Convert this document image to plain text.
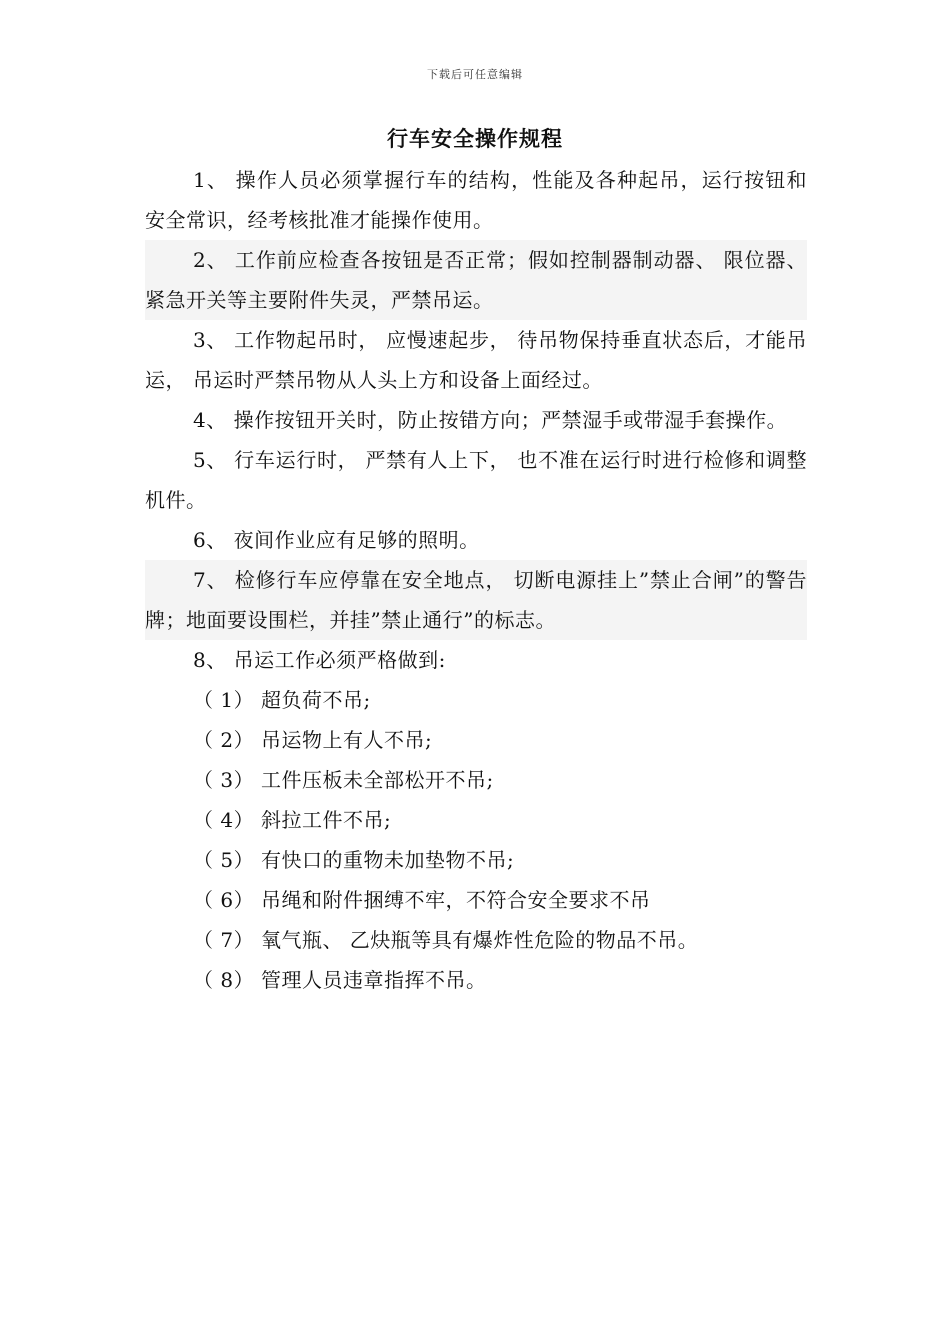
下载后可任意编辑
行车安全操作规程

1、 操作人员必须掌握行车的结构，性能及各种起吊，运行按钮和安全常识，经考核批准才能操作使用。

2、 工作前应检查各按钮是否正常；假如控制器制动器、 限位器、 紧急开关等主要附件失灵，严禁吊运。

3、 工作物起吊时， 应慢速起步， 待吊物保持垂直状态后，才能吊运， 吊运时严禁吊物从人头上方和设备上面经过。

4、 操作按钮开关时，防止按错方向；严禁湿手或带湿手套操作。

5、 行车运行时， 严禁有人上下， 也不准在运行时进行检修和调整机件。

6、 夜间作业应有足够的照明。

7、 检修行车应停靠在安全地点， 切断电源挂上”禁止合闸”的警告牌；地面要设围栏，并挂”禁止通行”的标志。

8、 吊运工作必须严格做到:

（ 1） 超负荷不吊;

（ 2） 吊运物上有人不吊;

（ 3） 工件压板未全部松开不吊;

（ 4） 斜拉工件不吊;

（ 5） 有快口的重物未加垫物不吊;

（ 6） 吊绳和附件捆缚不牢，不符合安全要求不吊

（ 7） 氧气瓶、 乙炔瓶等具有爆炸性危险的物品不吊。

（ 8） 管理人员违章指挥不吊。
